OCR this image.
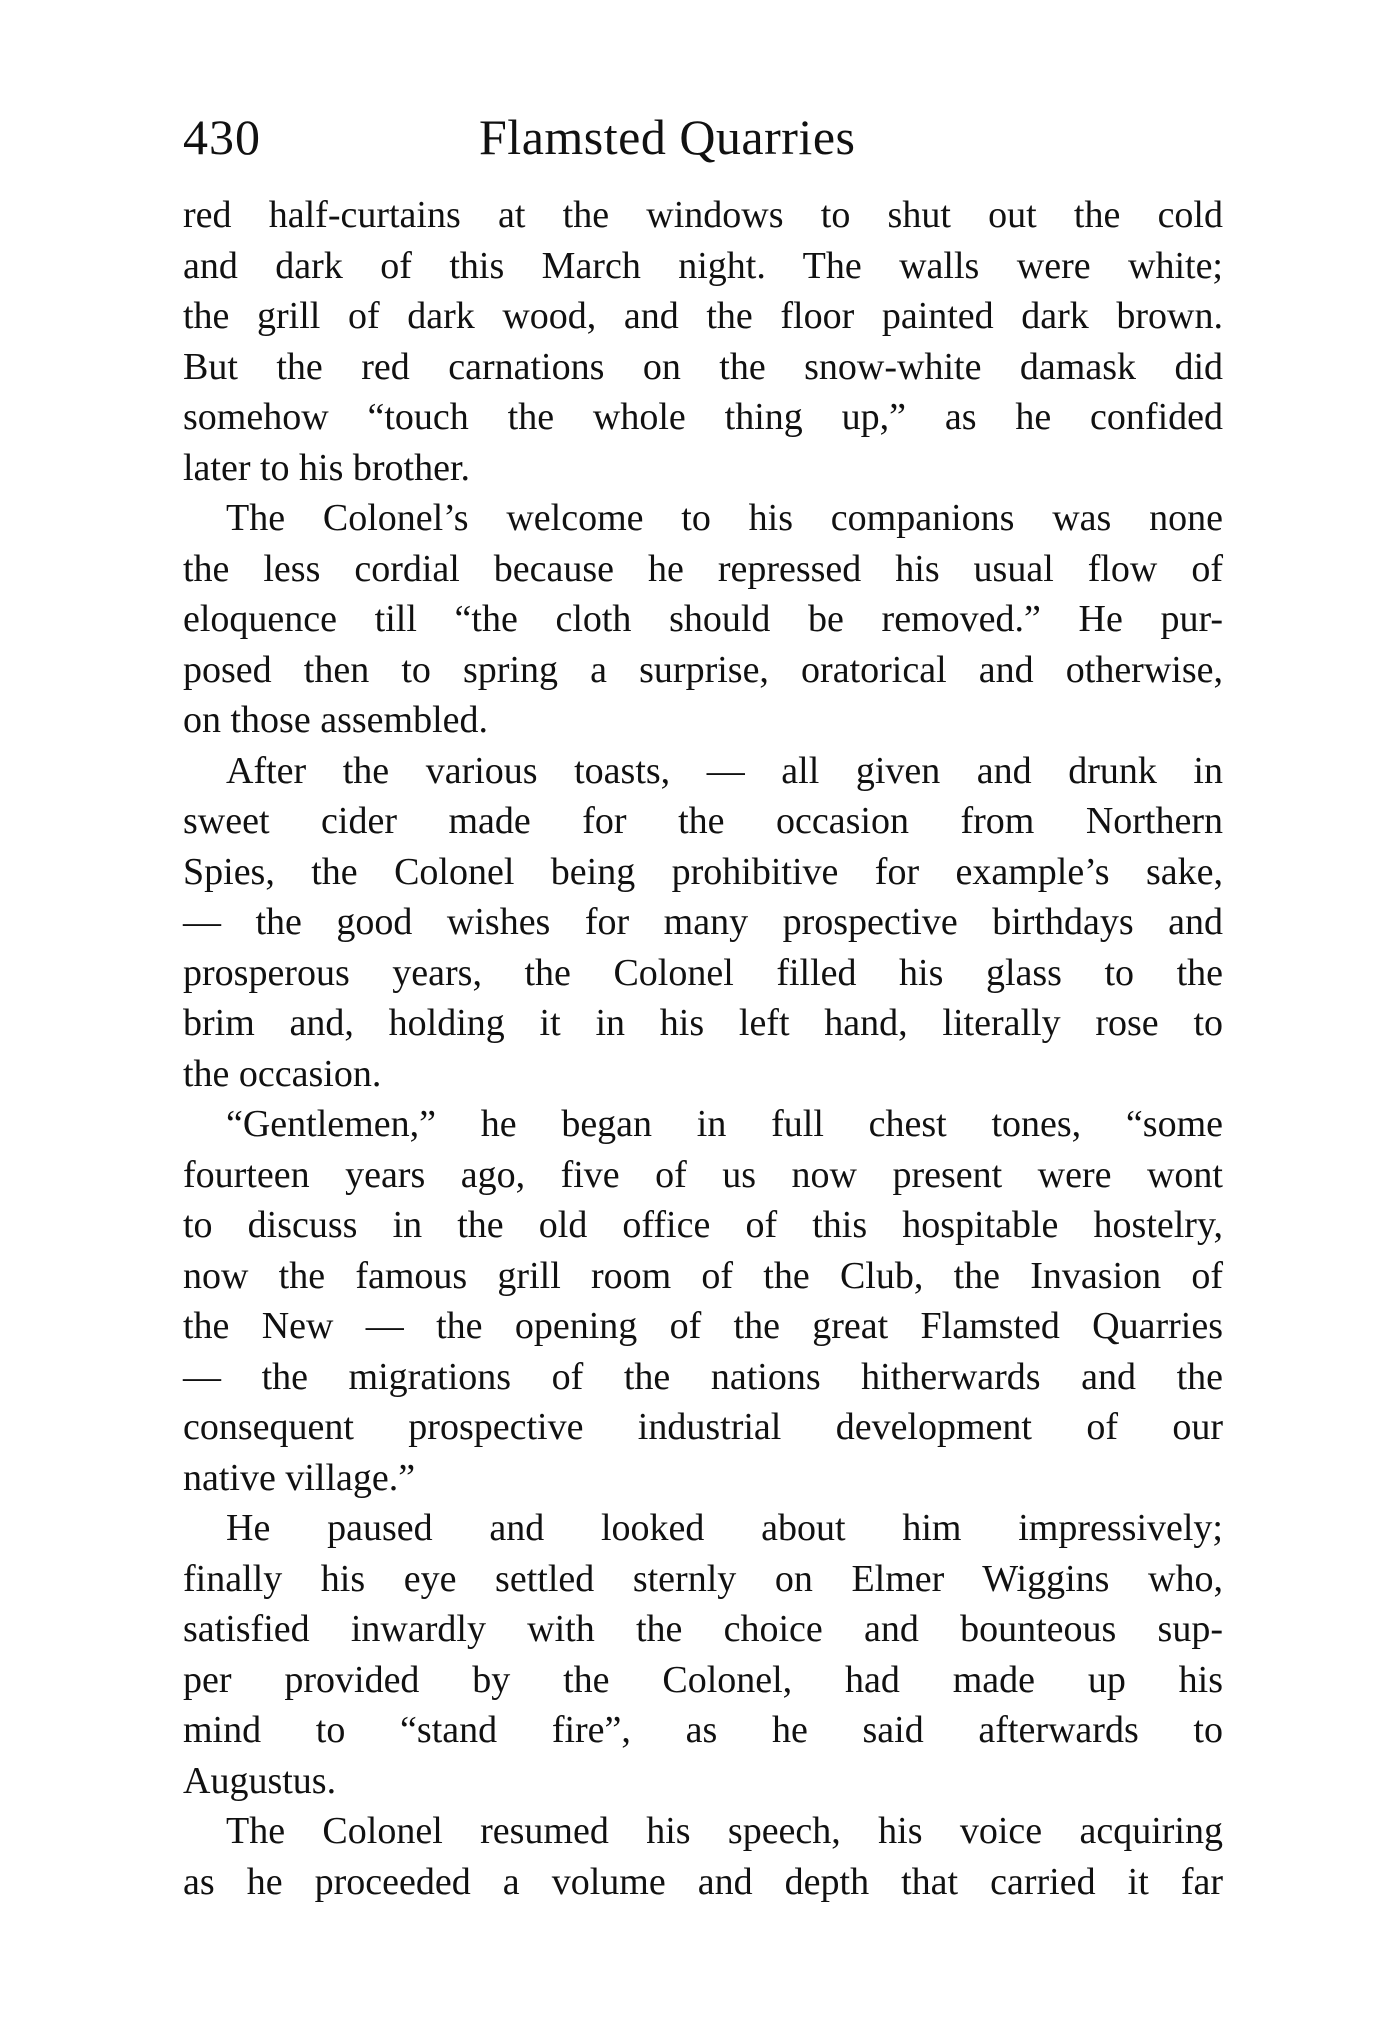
430	Flamsted Quarries
red half-curtains at the windows to shut out the cold
and dark of this March night. The walls were white;
the grill of dark wood, and the floor painted dark brown.
But the red carnations on the snow-white damask did
somehow “touch the whole thing up,” as he confided
later to his brother.
The Colonel’s welcome to his companions was none
the less cordial because he repressed his usual flow of
eloquence till “the cloth should be removed.” He pur-
posed then to spring a surprise, oratorical and otherwise,
on those assembled.
After the various toasts, — all given and drunk in
sweet cider made for the occasion from Northern
Spies, the Colonel being prohibitive for example’s sake,
— the good wishes for many prospective birthdays and
prosperous years, the Colonel filled his glass to the
brim and, holding it in his left hand, literally rose to
the occasion.
“Gentlemen,” he began in full chest tones, “some
fourteen years ago, five of us now present were wont
to discuss in the old office of this hospitable hostelry,
now the famous grill room of the Club, the Invasion of
the New — the opening of the great Flamsted Quarries
— the migrations of the nations hitherwards and the
consequent prospective industrial development of our
native village.”
He paused and looked about him impressively;
finally his eye settled sternly on Elmer Wiggins who,
satisfied inwardly with the choice and bounteous sup-
per provided by the Colonel, had made up his
mind to “stand fire”, as he said afterwards to
Augustus.
The Colonel resumed his speech, his voice acquiring
as he proceeded a volume and depth that carried it far
